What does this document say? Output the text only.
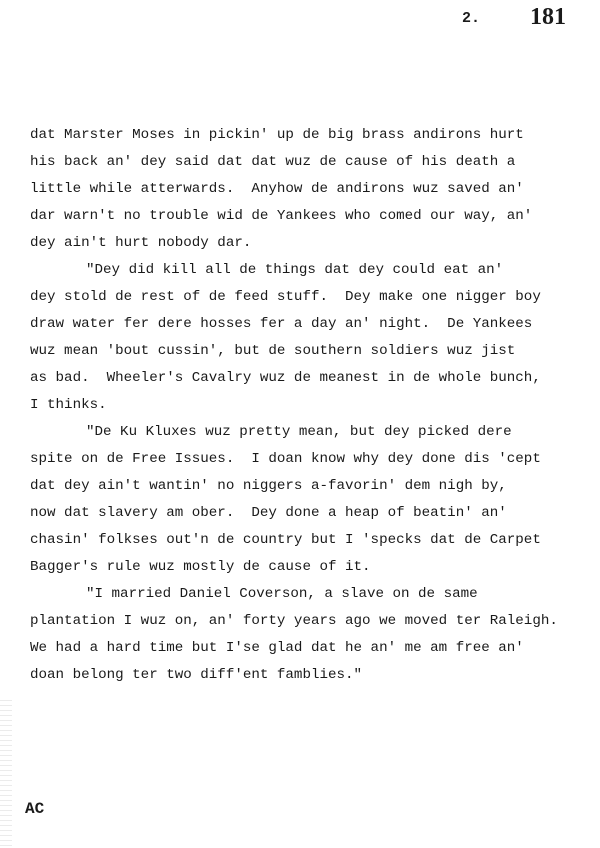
2. 181
dat Marster Moses in pickin' up de big brass andirons hurt
his back an' dey said dat dat wuz de cause of his death a
little while atterwards.  Anyhow de andirons wuz saved an'
dar warn't no trouble wid de Yankees who comed our way, an'
dey ain't hurt nobody dar.
"Dey did kill all de things dat dey could eat an'
dey stold de rest of de feed stuff.  Dey make one nigger boy
draw water fer dere hosses fer a day an' night.  De Yankees
wuz mean 'bout cussin', but de southern soldiers wuz jist
as bad.  Wheeler's Cavalry wuz de meanest in de whole bunch,
I thinks.
"De Ku Kluxes wuz pretty mean, but dey picked dere
spite on de Free Issues.  I doan know why dey done dis 'cept
dat dey ain't wantin' no niggers a-favorin' dem nigh by,
now dat slavery am ober.  Dey done a heap of beatin' an'
chasin' folkses out'n de country but I 'specks dat de Carpet
Bagger's rule wuz mostly de cause of it.
"I married Daniel Coverson, a slave on de same
plantation I wuz on, an' forty years ago we moved ter Raleigh.
We had a hard time but I'se glad dat he an' me am free an'
doan belong ter two diff'ent famblies."
AC
